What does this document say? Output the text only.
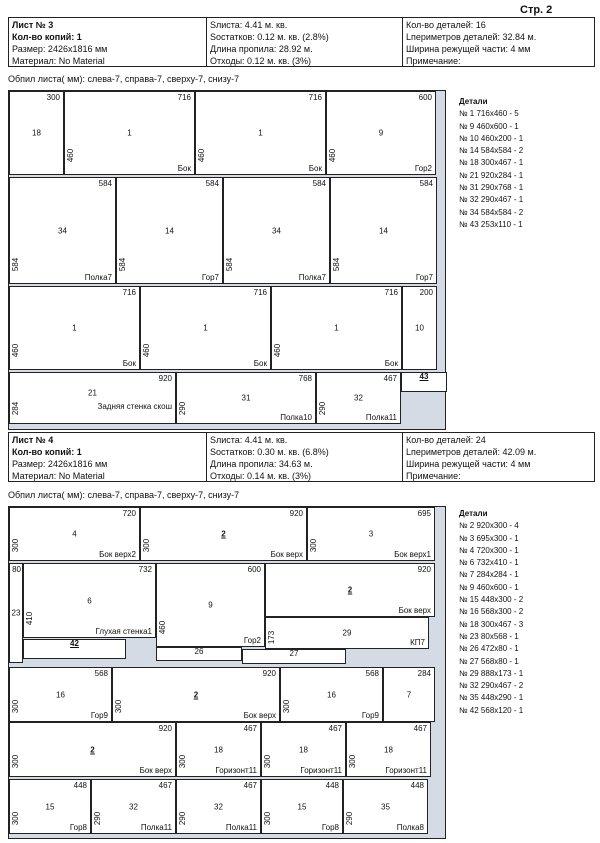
Стр. 2
Лист № 3
Кол-во копий: 1
Размер: 2426x1816 мм
Материал: No Material
Sлиста: 4.41 м. кв.
Sостатков: 0.12 м. кв. (2.8%)
Длина пропила: 28.92 м.
Отходы: 0.12 м. кв. (3%)
Кол-во деталей: 16
Lпериметров деталей: 32.84 м.
Ширина режущей части: 4 мм
Примечание:
Обпил листа( мм): слева-7, справа-7, сверху-7, снизу-7
300
18
716
1
460
Бок
716
1
460
Бок
600
9
460
Гор2
584
34
584
Полка7
584
14
584
Гор7
584
34
584
Полка7
584
14
584
Гор7
716
1
460
Бок
716
1
460
Бок
716
1
460
Бок
200
10
920
21
284	Задняя стенка скош
768
31
290
Полка10
467
32
290
Полка11
43
Детали
№ 1 716x460 - 5
№ 9 460x600 - 1
№ 10 460x200 - 1
№ 14 584x584 - 2
№ 18 300x467 - 1
№ 21 920x284 - 1
№ 31 290x768 - 1
№ 32 290x467 - 1
№ 34 584x584 - 2
№ 43 253x110 - 1
Лист № 4
Кол-во копий: 1
Размер: 2426x1816 мм
Материал: No Material
Sлиста: 4.41 м. кв.
Sостатков: 0.30 м. кв. (6.8%)
Длина пропила: 34.63 м.
Отходы: 0.14 м. кв. (3%)
Кол-во деталей: 24
Lпериметров деталей: 42.09 м.
Ширина режущей части: 4 мм
Примечание:
Обпил листа( мм): слева-7, справа-7, сверху-7, снизу-7
720
4
300
Бок верх2
920
2
300
Бок верх
695
3
300
Бок верх1
80
23
732
6
410
Глухая стенка1
42
600
9
460
Гор2
26
920
2
Бок верх
29
173	КП7
27
568
16
300
Гор9
920
2
300
Бок верх
568
16
300
Гор9
284
7
920
2
300
Бок верх
467
18
300
Горизонт11
467
18
300
Горизонт11
467
18
300
Горизонт11
448
15
300
Гор8
467
32
290
Полка11
467
32
290
Полка11
448
15
300
Гор8
448
35
290
Полка8
Детали
№ 2 920x300 - 4
№ 3 695x300 - 1
№ 4 720x300 - 1
№ 6 732x410 - 1
№ 7 284x284 - 1
№ 9 460x600 - 1
№ 15 448x300 - 2
№ 16 568x300 - 2
№ 18 300x467 - 3
№ 23 80x568 - 1
№ 26 472x80 - 1
№ 27 568x80 - 1
№ 29 888x173 - 1
№ 32 290x467 - 2
№ 35 448x290 - 1
№ 42 568x120 - 1
